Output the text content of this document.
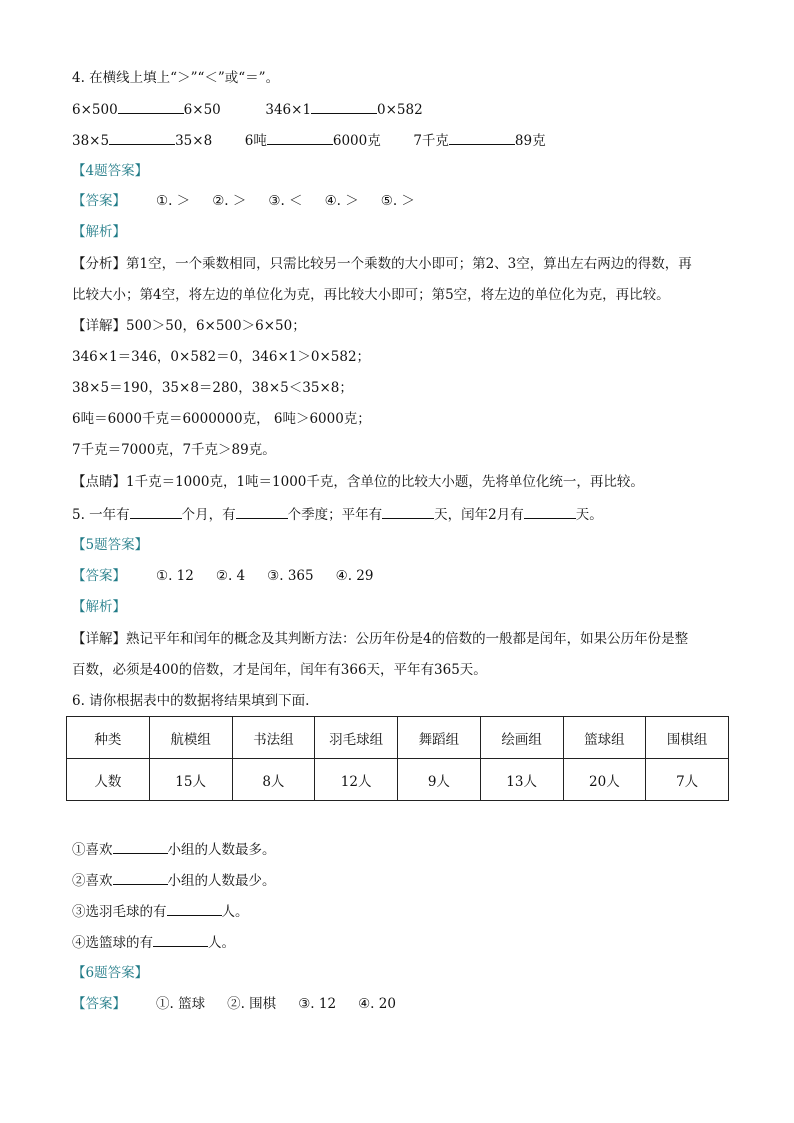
4. 在横线上填上“＞”“＜”或“＝”。
6×500	6×50	346×1	0×582
38×5	35×8 6吨	6000克 7千克	89克
【4题答案】
【答案】 ①. ＞ ②. ＞ ③. ＜ ④. ＞ ⑤. ＞
【解析】
【分析】第1空，一个乘数相同，只需比较另一个乘数的大小即可；第2、3空，算出左右两边的得数，再
比较大小；第4空，将左边的单位化为克，再比较大小即可；第5空，将左边的单位化为克，再比较。
【详解】500＞50，6×500＞6×50；
346×1＝346，0×582＝0，346×1＞0×582；
38×5＝190，35×8＝280，38×5＜35×8；
6吨＝6000千克＝6000000克， 6吨＞6000克；
7千克＝7000克，7千克＞89克。
【点睛】1千克＝1000克，1吨＝1000千克，含单位的比较大小题，先将单位化统一，再比较。
5. 一年有	个月，有	个季度；平年有	天，闰年2月有	天。
【5题答案】
【答案】 ①. 12 ②. 4 ③. 365 ④. 29
【解析】
【详解】熟记平年和闰年的概念及其判断方法：公历年份是4的倍数的一般都是闰年，如果公历年份是整
百数，必须是400的倍数，才是闰年，闰年有366天，平年有365天。
6. 请你根据表中的数据将结果填到下面.
种类	航模组	书法组	羽毛球组	舞蹈组	绘画组	篮球组	围棋组
人数	15人	8人	12人	9人	13人	20人	7人
①喜欢	小组的人数最多。
②喜欢	小组的人数最少。
③选羽毛球的有	人。
④选篮球的有	人。
【6题答案】
【答案】 ①. 篮球 ②. 围棋 ③. 12 ④. 20
